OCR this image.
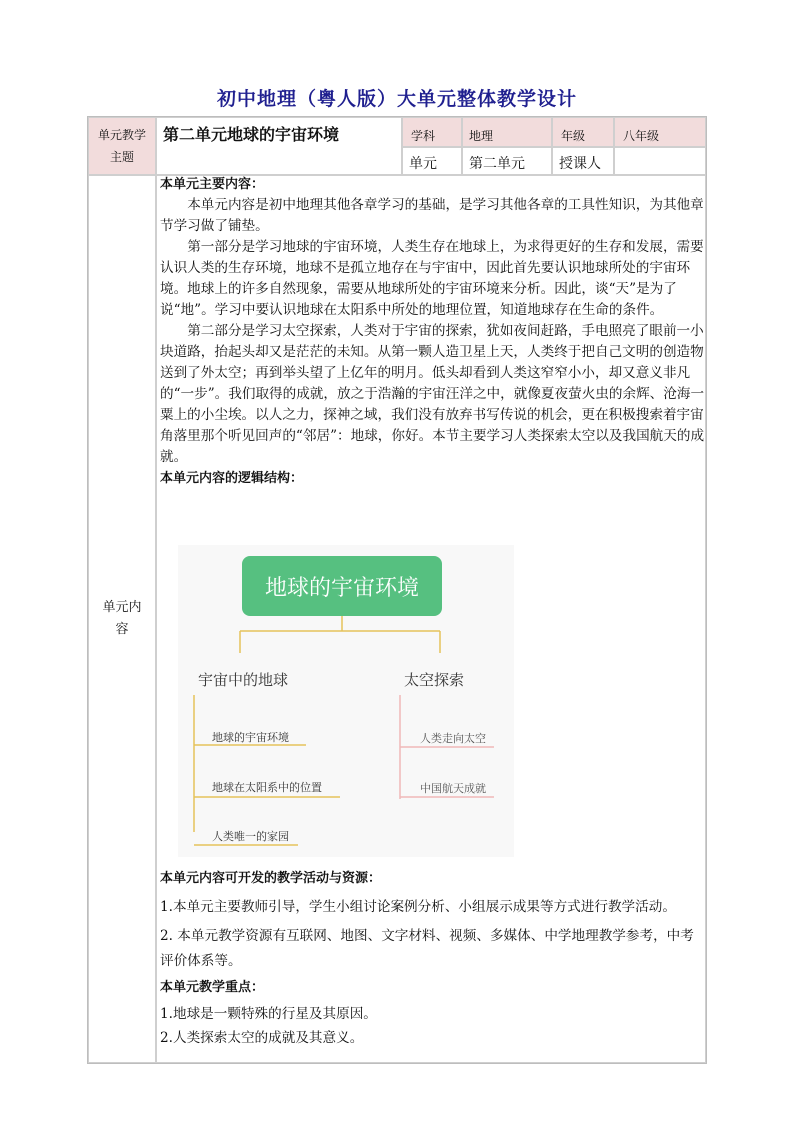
初中地理（粤人版）大单元整体教学设计
单元教学主题
第二单元地球的宇宙环境	学科	地理	年级	八年级
单元	第二单元	授课人
单元内容

本单元主要内容：

本单元内容是初中地理其他各章学习的基础，是学习其他各章的工具性知识，为其他章节学习做了铺垫。

第一部分是学习地球的宇宙环境，人类生存在地球上，为求得更好的生存和发展，需要认识人类的生存环境，地球不是孤立地存在与宇宙中，因此首先要认识地球所处的宇宙环境。地球上的许多自然现象，需要从地球所处的宇宙环境来分析。因此，谈“天”是为了说“地”。学习中要认识地球在太阳系中所处的地理位置，知道地球存在生命的条件。

第二部分是学习太空探索，人类对于宇宙的探索，犹如夜间赶路，手电照亮了眼前一小块道路，抬起头却又是茫茫的未知。从第一颗人造卫星上天，人类终于把自己文明的创造物送到了外太空；再到举头望了上亿年的明月。低头却看到人类这窄窄小小，却又意义非凡的“一步”。我们取得的成就，放之于浩瀚的宇宙汪洋之中，就像夏夜萤火虫的余辉、沧海一粟上的小尘埃。以人之力，探神之域，我们没有放弃书写传说的机会，更在积极搜索着宇宙角落里那个听见回声的“邻居”：地球，你好。本节主要学习人类探索太空以及我国航天的成就。

本单元内容的逻辑结构：

地球的宇宙环境
宇宙中的地球	太空探索
地球的宇宙环境
地球在太阳系中的位置
人类唯一的家园
人类走向太空
中国航天成就

本单元内容可开发的教学活动与资源：

1.本单元主要教师引导，学生小组讨论案例分析、小组展示成果等方式进行教学活动。

2. 本单元教学资源有互联网、地图、文字材料、视频、多媒体、中学地理教学参考，中考评价体系等。

本单元教学重点：

1.地球是一颗特殊的行星及其原因。

2.人类探索太空的成就及其意义。
